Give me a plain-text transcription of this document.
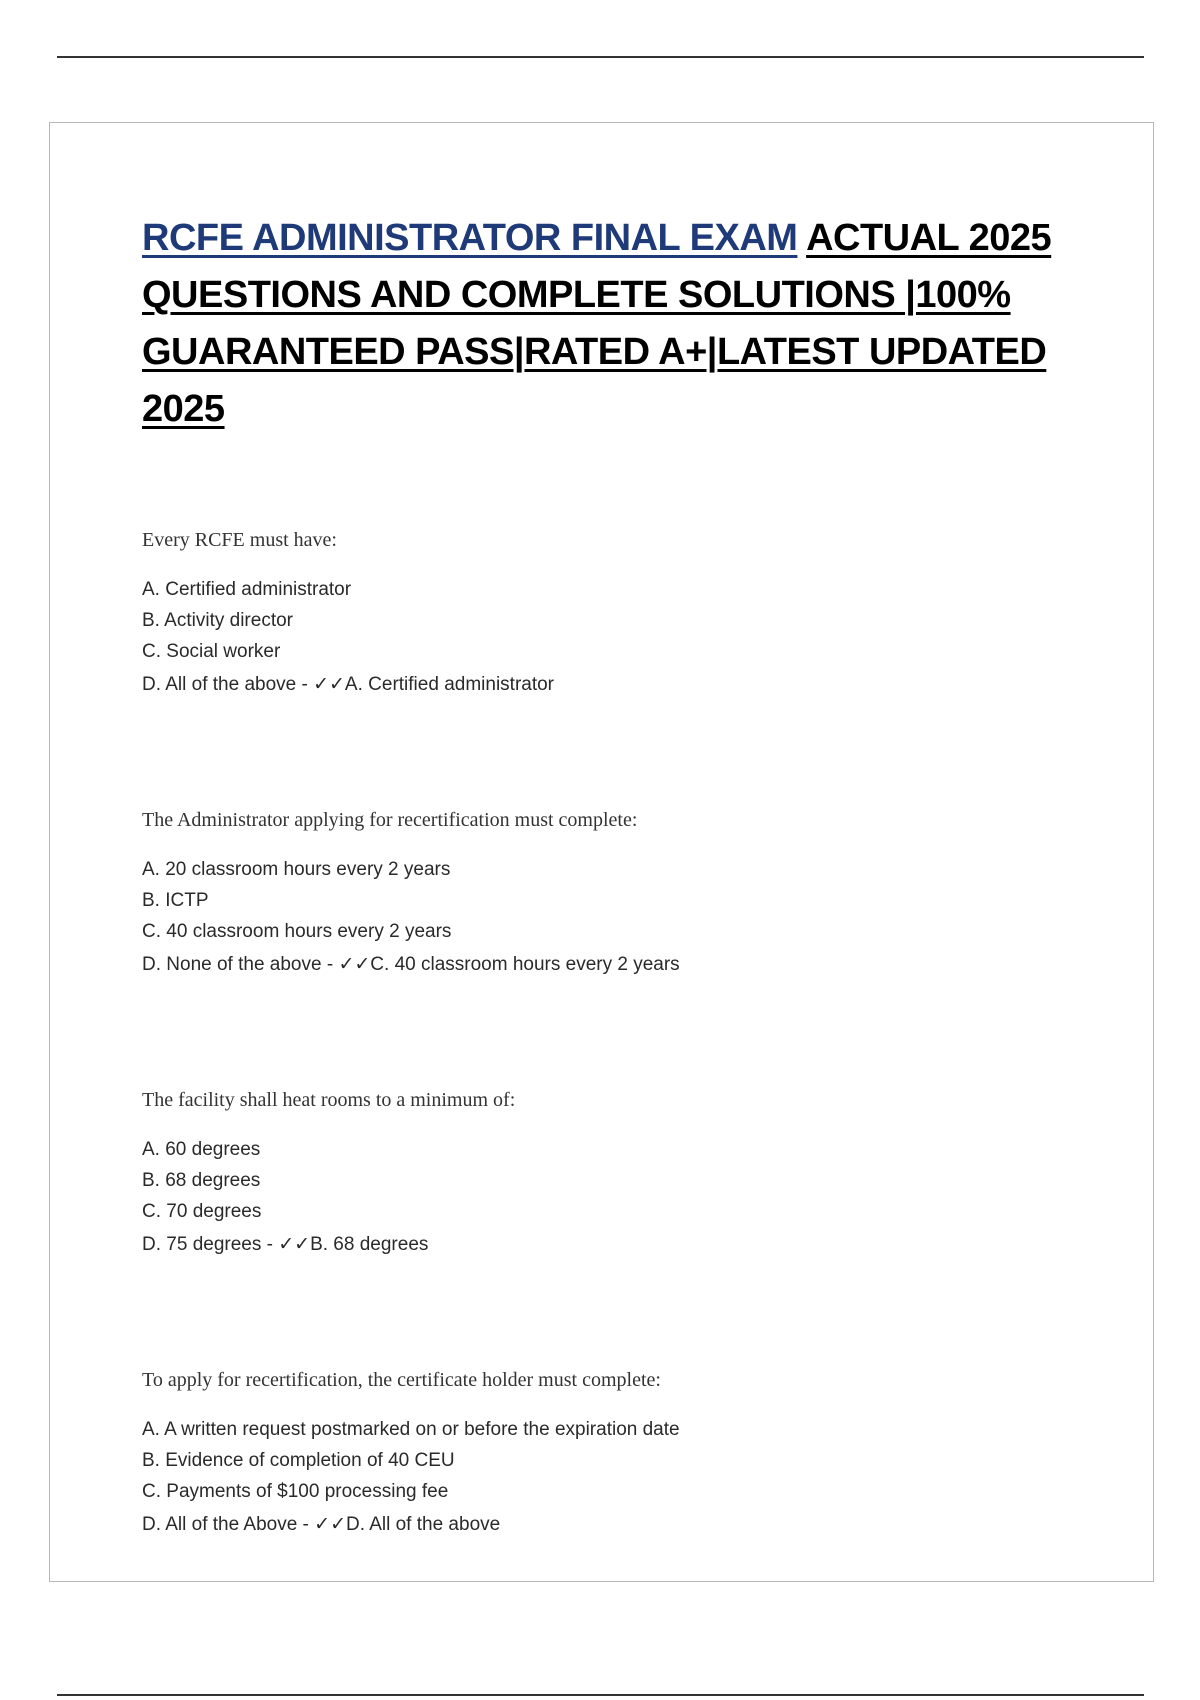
RCFE ADMINISTRATOR FINAL EXAM ACTUAL 2025 QUESTIONS AND COMPLETE SOLUTIONS |100% GUARANTEED PASS|RATED A+|LATEST UPDATED 2025

Every RCFE must have:

A. Certified administrator
B. Activity director
C. Social worker
D. All of the above - ✓✓A. Certified administrator

The Administrator applying for recertification must complete:

A. 20 classroom hours every 2 years
B. ICTP
C. 40 classroom hours every 2 years
D. None of the above - ✓✓C. 40 classroom hours every 2 years

The facility shall heat rooms to a minimum of:

A. 60 degrees
B. 68 degrees
C. 70 degrees
D. 75 degrees - ✓✓B. 68 degrees

To apply for recertification, the certificate holder must complete:

A. A written request postmarked on or before the expiration date
B. Evidence of completion of 40 CEU
C. Payments of $100 processing fee
D. All of the Above - ✓✓D. All of the above
